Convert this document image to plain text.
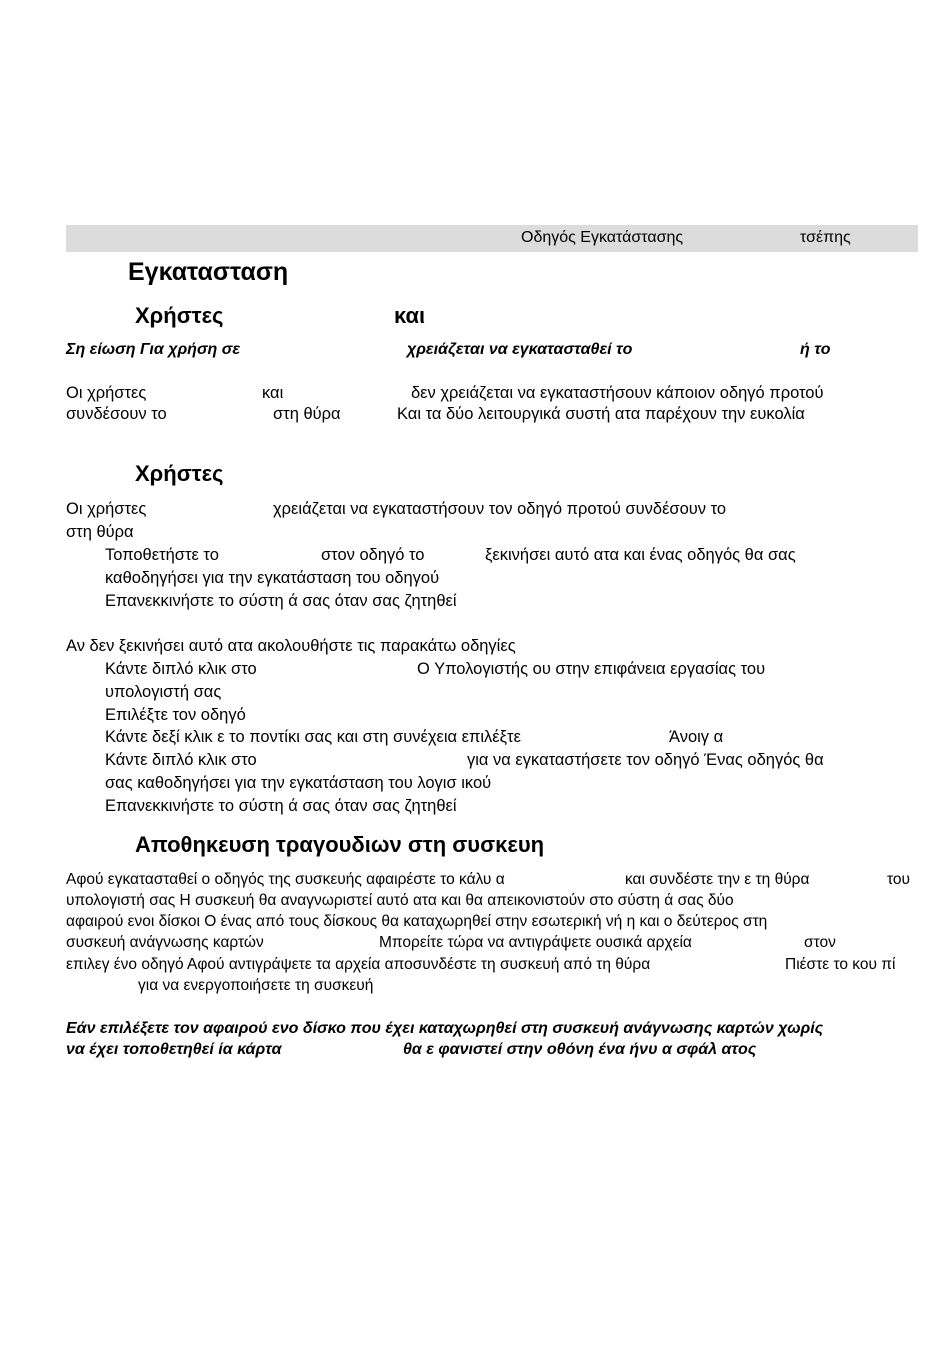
Οδηγός Εγκατάστασης	τσέπης
Εγκατασταση
Χρήστες	και
Ση είωση Για χρήση σε	χρειάζεται να εγκατασταθεί το	ή το
Οι χρήστες	και	δεν χρειάζεται να εγκαταστήσουν κάποιον οδηγό προτού
συνδέσουν το	στη θύρα	Και τα δύο λειτουργικά συστή ατα παρέχουν την ευκολία
Χρήστες
Οι χρήστες	χρειάζεται να εγκαταστήσουν τον οδηγό προτού συνδέσουν το
στη θύρα
Τοποθετήστε το	στον οδηγό το	ξεκινήσει αυτό ατα και ένας οδηγός θα σας
καθοδηγήσει για την εγκατάσταση του οδηγού
Επανεκκινήστε το σύστη ά σας όταν σας ζητηθεί
Αν δεν ξεκινήσει αυτό ατα ακολουθήστε τις παρακάτω οδηγίες
Κάντε διπλό κλικ στο	Ο Υπολογιστής ου στην επιφάνεια εργασίας του
υπολογιστή σας
Επιλέξτε τον οδηγό
Κάντε δεξί κλικ ε το ποντίκι σας και στη συνέχεια επιλέξτε	Άνοιγ α
Κάντε διπλό κλικ στο	για να εγκαταστήσετε τον οδηγό Ένας οδηγός θα
σας καθοδηγήσει για την εγκατάσταση του λογισ ικού
Επανεκκινήστε το σύστη ά σας όταν σας ζητηθεί
Αποθηκευση τραγουδιων στη συσκευη
Αφού εγκατασταθεί ο οδηγός της συσκευής αφαιρέστε το κάλυ α	και συνδέστε την ε τη θύρα	του
υπολογιστή σας Η συσκευή θα αναγνωριστεί αυτό ατα και θα απεικονιστούν στο σύστη ά σας δύο
αφαιρού ενοι δίσκοι Ο ένας από τους δίσκους θα καταχωρηθεί στην εσωτερική νή η και ο δεύτερος στη
συσκευή ανάγνωσης καρτών	Μπορείτε τώρα να αντιγράψετε ουσικά αρχεία	στον
επιλεγ ένο οδηγό Αφού αντιγράψετε τα αρχεία αποσυνδέστε τη συσκευή από τη θύρα	Πιέστε το κου πί
για να ενεργοποιήσετε τη συσκευή
Εάν επιλέξετε τον αφαιρού ενο δίσκο που έχει καταχωρηθεί στη συσκευή ανάγνωσης καρτών χωρίς
να έχει τοποθετηθεί ία κάρτα	θα ε φανιστεί στην οθόνη ένα ήνυ α σφάλ ατος
